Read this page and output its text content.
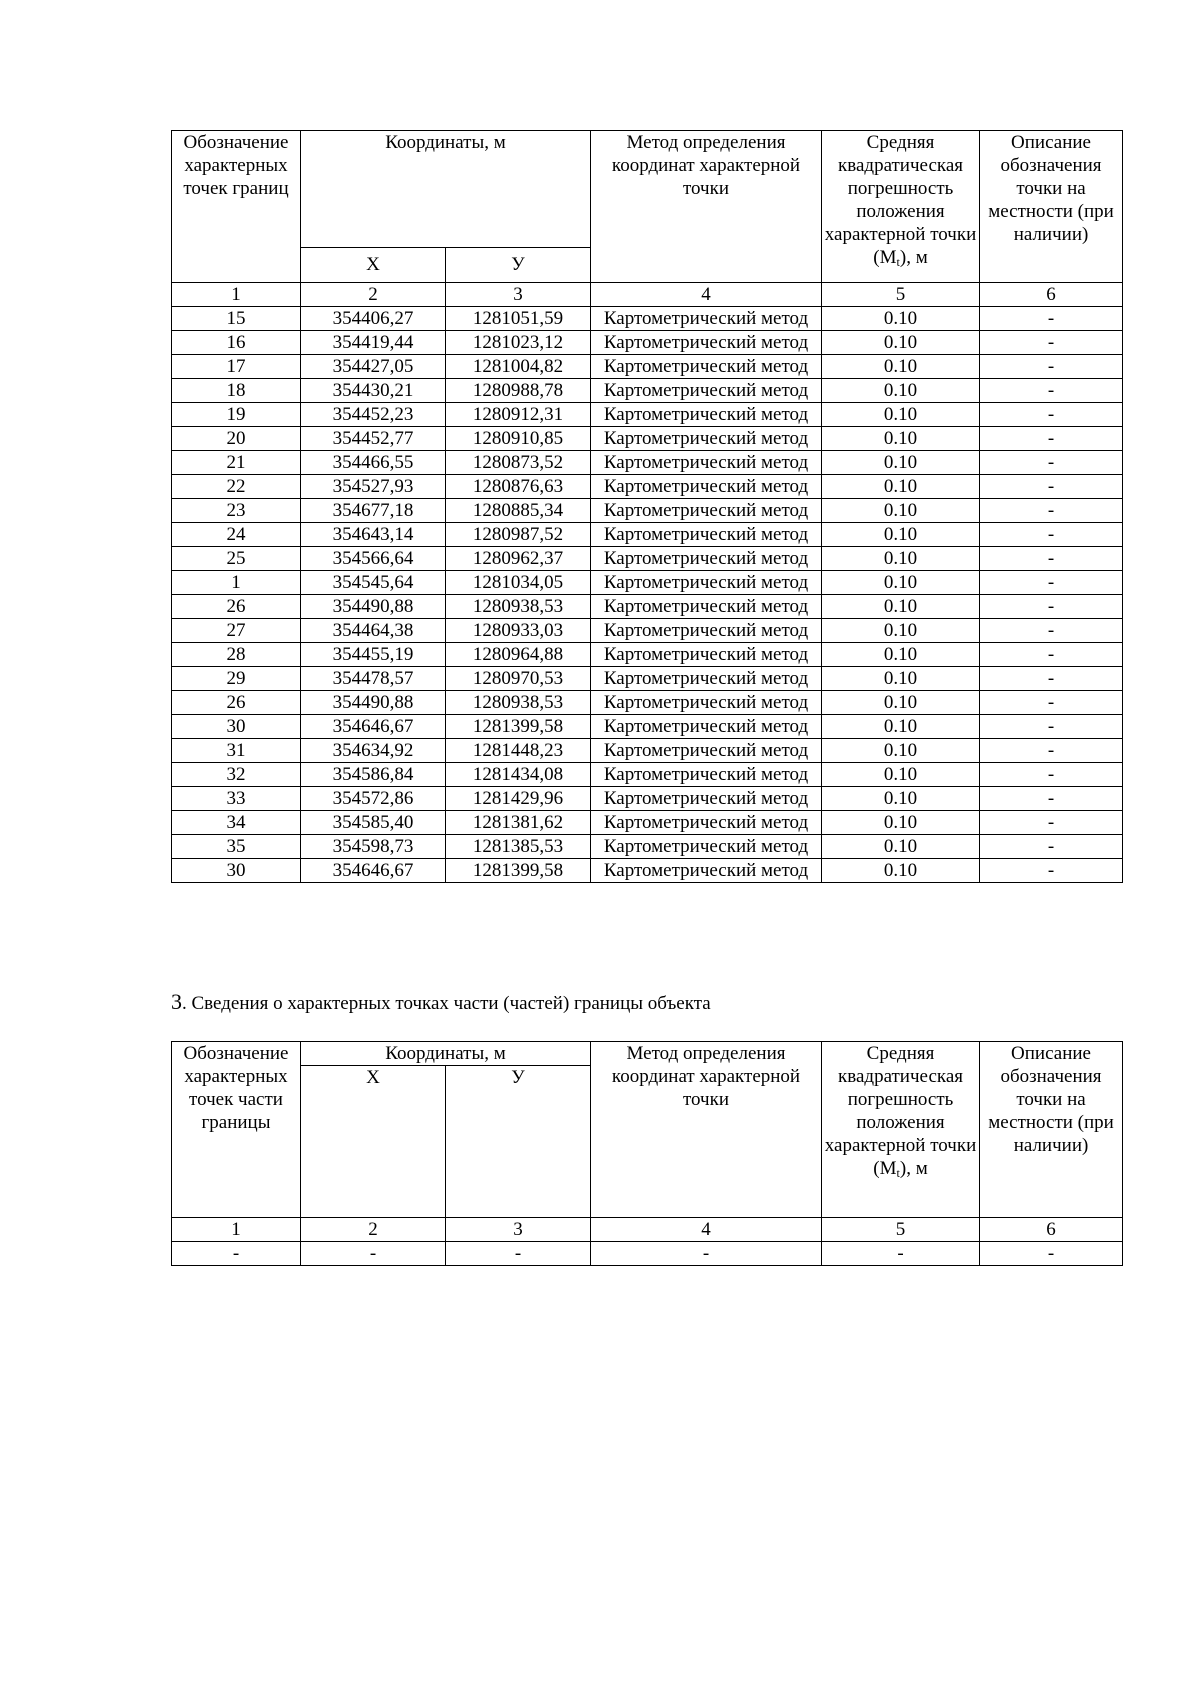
Обозначение характерных точек границ	Координаты, м		Метод определения координат характерной точки	Средняя квадратическая погрешность положения характерной точки $(M_t)$, м	Описание обозначения точки на местности (при наличии)
	Х	У			
1	2	3	4	5	6
15	354406,27	1281051,59	Картометрический метод	0.10	-
16	354419,44	1281023,12	Картометрический метод	0.10	-
17	354427,05	1281004,82	Картометрический метод	0.10	-
18	354430,21	1280988,78	Картометрический метод	0.10	-
19	354452,23	1280912,31	Картометрический метод	0.10	-
20	354452,77	1280910,85	Картометрический метод	0.10	-
21	354466,55	1280873,52	Картометрический метод	0.10	-
22	354527,93	1280876,63	Картометрический метод	0.10	-
23	354677,18	1280885,34	Картометрический метод	0.10	-
24	354643,14	1280987,52	Картометрический метод	0.10	-
25	354566,64	1280962,37	Картометрический метод	0.10	-
1	354545,64	1281034,05	Картометрический метод	0.10	-
26	354490,88	1280938,53	Картометрический метод	0.10	-
27	354464,38	1280933,03	Картометрический метод	0.10	-
28	354455,19	1280964,88	Картометрический метод	0.10	-
29	354478,57	1280970,53	Картометрический метод	0.10	-
26	354490,88	1280938,53	Картометрический метод	0.10	-
30	354646,67	1281399,58	Картометрический метод	0.10	-
31	354634,92	1281448,23	Картометрический метод	0.10	-
32	354586,84	1281434,08	Картометрический метод	0.10	-
33	354572,86	1281429,96	Картометрический метод	0.10	-
34	354585,40	1281381,62	Картометрический метод	0.10	-
35	354598,73	1281385,53	Картометрический метод	0.10	-
30	354646,67	1281399,58	Картометрический метод	0.10	-
3. Сведения о характерных точках части (частей) границы объекта
Обозначение характерных точек части границы	Координаты, м		Метод определения координат характерной точки	Средняя квадратическая погрешность положения характерной точки $(M_t)$, м	Описание обозначения точки на местности (при наличии)
	Х	У			
1	2	3	4	5	6
-	-	-	-	-	-
